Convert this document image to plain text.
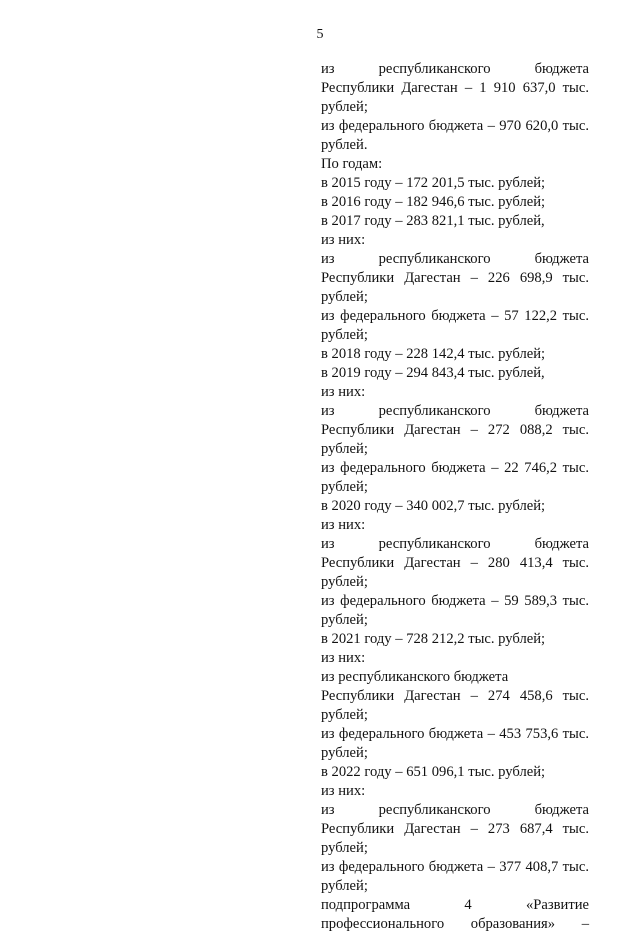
5
из республиканского бюджета
Республики Дагестан – 1 910 637,0 тыс.
рублей;
из федерального бюджета – 970 620,0 тыс.
рублей.
По годам:
в 2015 году – 172 201,5 тыс. рублей;
в 2016 году – 182 946,6 тыс. рублей;
в 2017 году – 283 821,1 тыс. рублей,
из них:
из республиканского бюджета
Республики Дагестан – 226 698,9 тыс.
рублей;
из федерального бюджета – 57 122,2 тыс.
рублей;
в 2018 году – 228 142,4 тыс. рублей;
в 2019 году – 294 843,4 тыс. рублей,
из них:
из республиканского бюджета
Республики Дагестан – 272 088,2 тыс.
рублей;
из федерального бюджета – 22 746,2 тыс.
рублей;
в 2020 году – 340 002,7 тыс. рублей;
из них:
из республиканского бюджета
Республики Дагестан – 280 413,4 тыс.
рублей;
из федерального бюджета – 59 589,3 тыс.
рублей;
в 2021 году – 728 212,2 тыс. рублей;
из них:
из республиканского бюджета
Республики Дагестан – 274 458,6 тыс.
рублей;
из федерального бюджета – 453 753,6 тыс.
рублей;
в 2022 году – 651 096,1 тыс. рублей;
из них:
из республиканского бюджета
Республики Дагестан – 273 687,4 тыс.
рублей;
из федерального бюджета – 377 408,7 тыс.
рублей;
подпрограмма 4 «Развитие
профессионального образования» –
